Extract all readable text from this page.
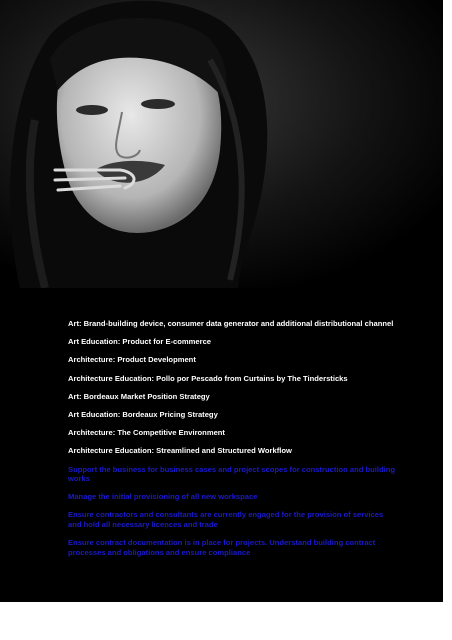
Art: Brand-building device, consumer data generator and additional distributional channel

Art Education: Product for E-commerce

Architecture: Product Development

Architecture Education: Pollo por Pescado from Curtains by The Tindersticks

Art: Bordeaux Market Position Strategy

Art Education: Bordeaux Pricing Strategy

Architecture: The Competitive Environment

Architecture Education: Streamlined and Structured Workflow

Support the business for business cases and project scopes for construction and building works

Manage the initial provisioning of all new workspace

Ensure contractors and consultants are currently engaged for the provision of services and hold all necessary licences and trade

Ensure contract documentation is in place for projects. Understand building contract processes and obligations and ensure compliance
